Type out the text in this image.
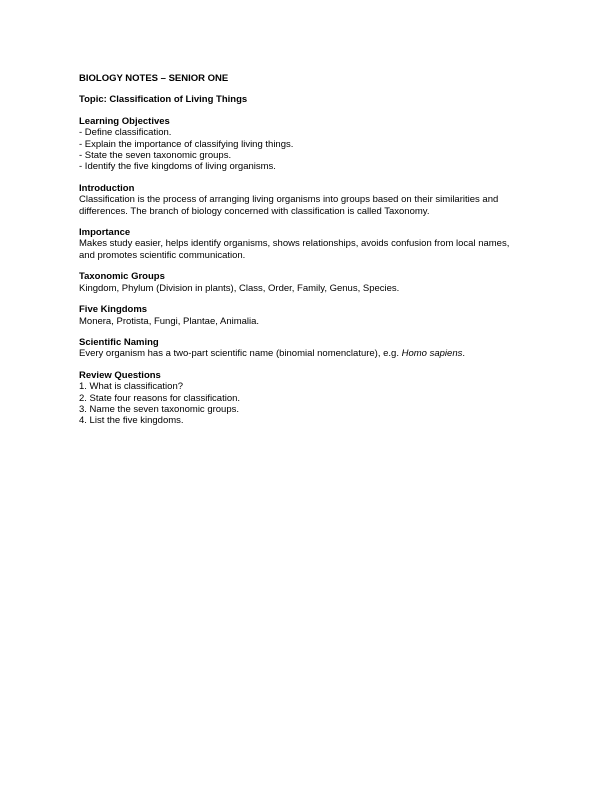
BIOLOGY NOTES – SENIOR ONE
Topic: Classification of Living Things
Learning Objectives
- Define classification.
- Explain the importance of classifying living things.
- State the seven taxonomic groups.
- Identify the five kingdoms of living organisms.
Introduction
Classification is the process of arranging living organisms into groups based on their similarities and differences. The branch of biology concerned with classification is called Taxonomy.
Importance
Makes study easier, helps identify organisms, shows relationships, avoids confusion from local names, and promotes scientific communication.
Taxonomic Groups
Kingdom, Phylum (Division in plants), Class, Order, Family, Genus, Species.
Five Kingdoms
Monera, Protista, Fungi, Plantae, Animalia.
Scientific Naming
Every organism has a two-part scientific name (binomial nomenclature), e.g. Homo sapiens.
Review Questions
1. What is classification?
2. State four reasons for classification.
3. Name the seven taxonomic groups.
4. List the five kingdoms.
